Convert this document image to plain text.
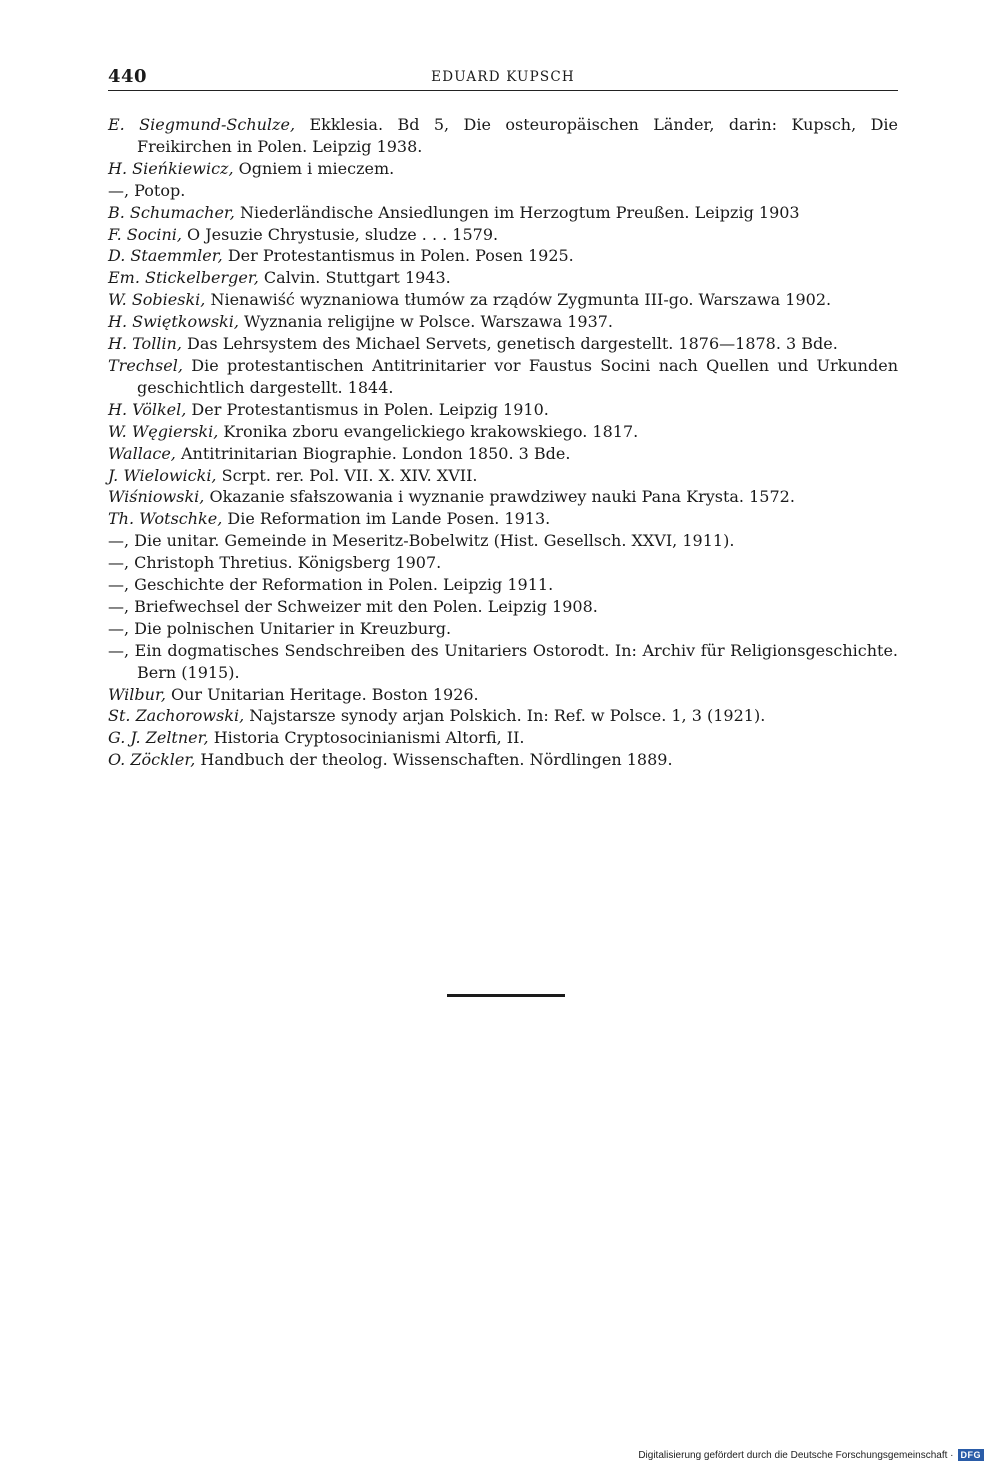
440	EDUARD KUPSCH
E. Siegmund-Schulze, Ekklesia. Bd 5, Die osteuropäischen Länder, darin: Kupsch, Die Freikirchen in Polen. Leipzig 1938.
H. Sieńkiewicz, Ogniem i mieczem.
—, Potop.
B. Schumacher, Niederländische Ansiedlungen im Herzogtum Preußen. Leipzig 1903
F. Socini, O Jesuzie Chrystusie, sludze . . . 1579.
D. Staemmler, Der Protestantismus in Polen. Posen 1925.
Em. Stickelberger, Calvin. Stuttgart 1943.
W. Sobieski, Nienawiść wyznaniowa tłumów za rządów Zygmunta III-go. Warszawa 1902.
H. Swiętkowski, Wyznania religijne w Polsce. Warszawa 1937.
H. Tollin, Das Lehrsystem des Michael Servets, genetisch dargestellt. 1876—1878. 3 Bde.
Trechsel, Die protestantischen Antitrinitarier vor Faustus Socini nach Quellen und Urkunden geschichtlich dargestellt. 1844.
H. Völkel, Der Protestantismus in Polen. Leipzig 1910.
W. Węgierski, Kronika zboru evangelickiego krakowskiego. 1817.
Wallace, Antitrinitarian Biographie. London 1850. 3 Bde.
J. Wielowicki, Scrpt. rer. Pol. VII. X. XIV. XVII.
Wiśniowski, Okazanie sfałszowania i wyznanie prawdziwey nauki Pana Krysta. 1572.
Th. Wotschke, Die Reformation im Lande Posen. 1913.
—, Die unitar. Gemeinde in Meseritz-Bobelwitz (Hist. Gesellsch. XXVI, 1911).
—, Christoph Thretius. Königsberg 1907.
—, Geschichte der Reformation in Polen. Leipzig 1911.
—, Briefwechsel der Schweizer mit den Polen. Leipzig 1908.
—, Die polnischen Unitarier in Kreuzburg.
—, Ein dogmatisches Sendschreiben des Unitariers Ostorodt. In: Archiv für Religionsgeschichte. Bern (1915).
Wilbur, Our Unitarian Heritage. Boston 1926.
St. Zachorowski, Najstarsze synody arjan Polskich. In: Ref. w Polsce. 1, 3 (1921).
G. J. Zeltner, Historia Cryptosocinianismi Altorfi, II.
O. Zöckler, Handbuch der theolog. Wissenschaften. Nördlingen 1889.
Digitalisierung gefördert durch die Deutsche Forschungsgemeinschaft · DFG
